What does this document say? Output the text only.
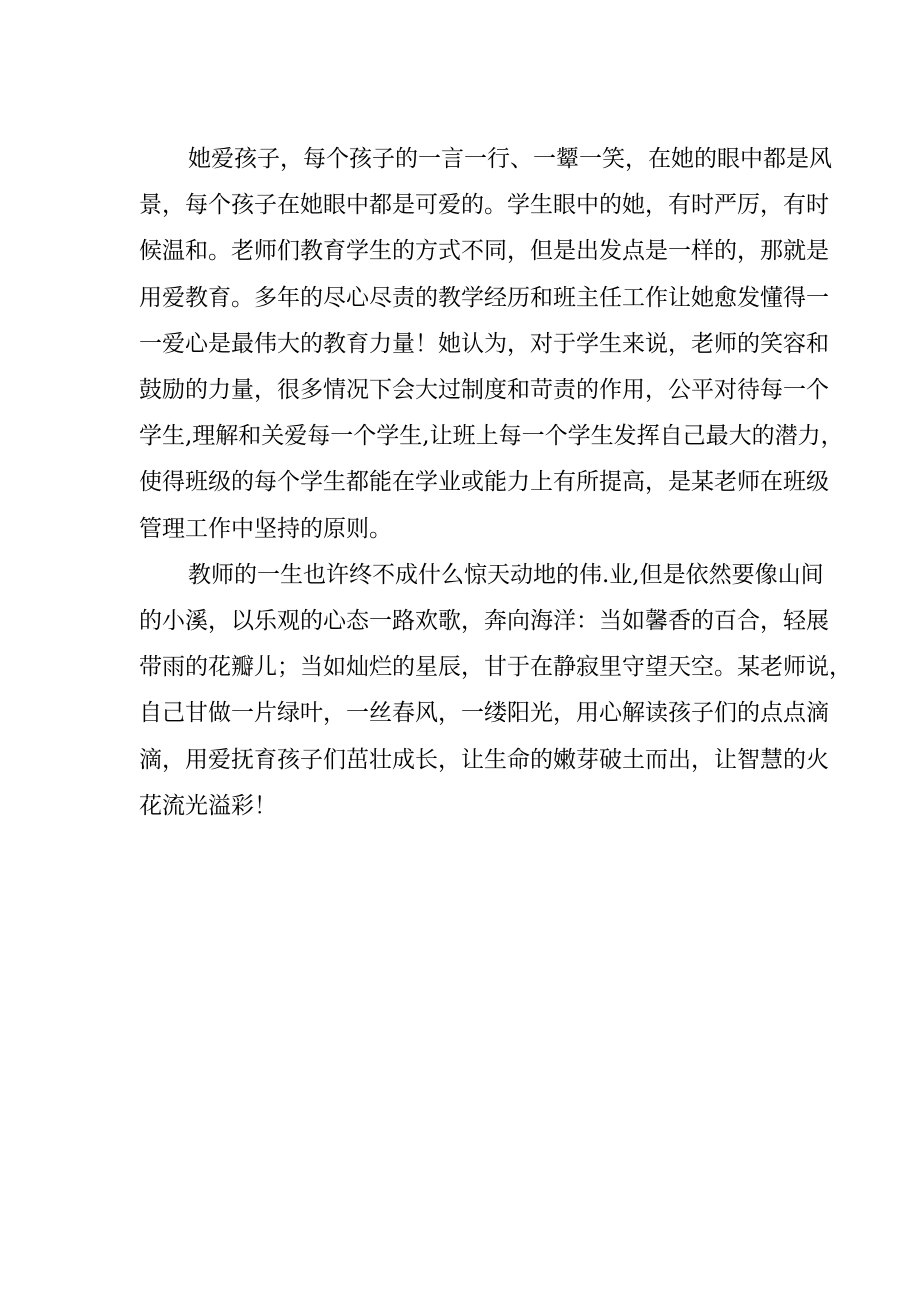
她爱孩子，每个孩子的一言一行、一颦一笑，在她的眼中都是风
景，每个孩子在她眼中都是可爱的。学生眼中的她，有时严厉，有时
候温和。老师们教育学生的方式不同，但是出发点是一样的，那就是
用爱教育。多年的尽心尽责的教学经历和班主任工作让她愈发懂得一
一爱心是最伟大的教育力量！她认为，对于学生来说，老师的笑容和
鼓励的力量，很多情况下会大过制度和苛责的作用，公平对待每一个
学生,理解和关爱每一个学生,让班上每一个学生发挥自己最大的潜力，
使得班级的每个学生都能在学业或能力上有所提高，是某老师在班级
管理工作中坚持的原则。
教师的一生也许终不成什么惊天动地的伟.业,但是依然要像山间
的小溪，以乐观的心态一路欢歌，奔向海洋：当如馨香的百合，轻展
带雨的花瓣儿；当如灿烂的星辰，甘于在静寂里守望天空。某老师说，
自己甘做一片绿叶，一丝春风，一缕阳光，用心解读孩子们的点点滴
滴，用爱抚育孩子们茁壮成长，让生命的嫩芽破土而出，让智慧的火
花流光溢彩！
